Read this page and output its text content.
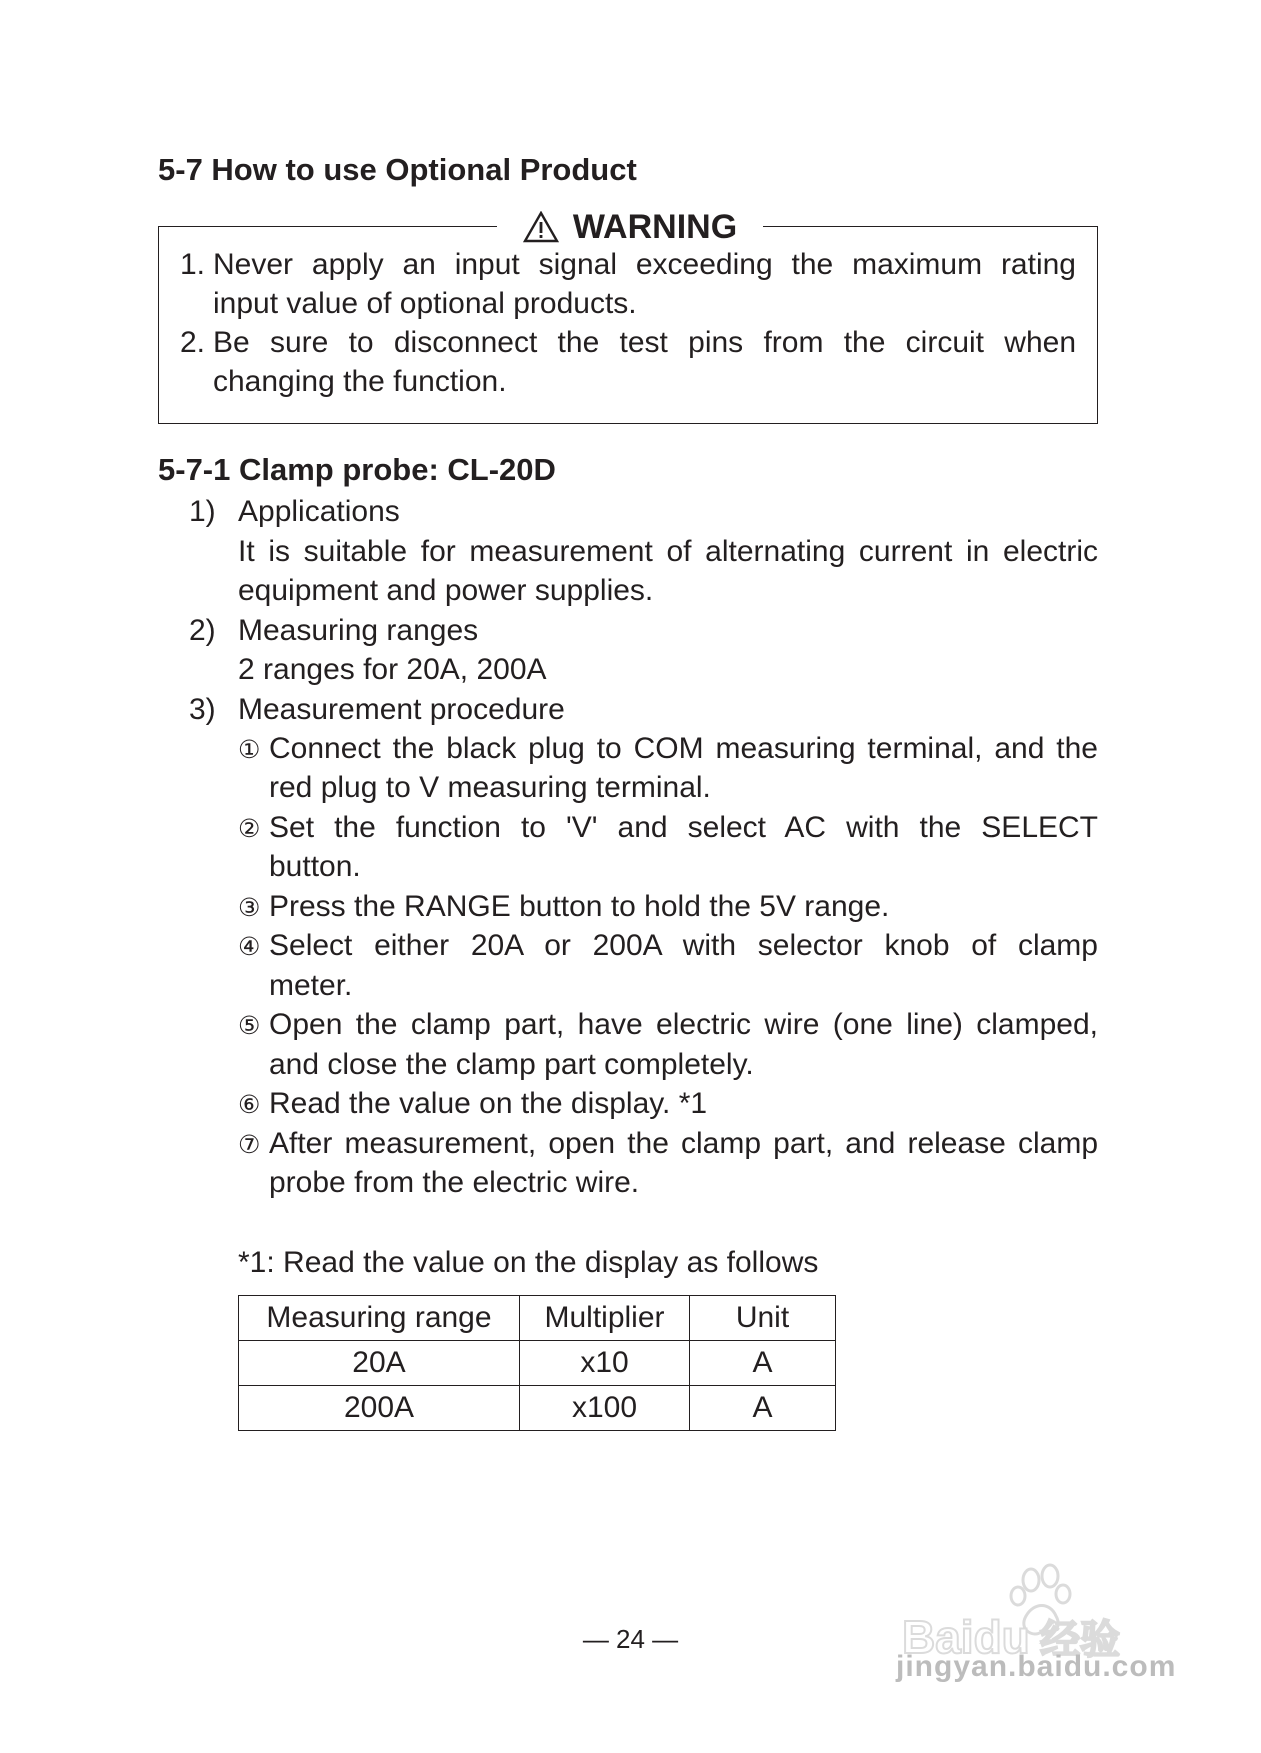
5-7 How to use Optional Product
WARNING
1. Never apply an input signal exceeding the maximum rating
input value of optional products.
2. Be sure to disconnect the test pins from the circuit when
changing the function.
5-7-1 Clamp probe: CL-20D
1) Applications
It is suitable for measurement of alternating current in electric
equipment and power supplies.
2) Measuring ranges
2 ranges for 20A, 200A
3) Measurement procedure
① Connect the black plug to COM measuring terminal, and the
red plug to V measuring terminal.
② Set the function to 'V' and select AC with the SELECT
button.
③ Press the RANGE button to hold the 5V range.
④ Select either 20A or 200A with selector knob of clamp
meter.
⑤ Open the clamp part, have electric wire (one line) clamped,
and close the clamp part completely.
⑥ Read the value on the display. *1
⑦ After measurement, open the clamp part, and release clamp
probe from the electric wire.
*1: Read the value on the display as follows
Measuring range	Multiplier	Unit
20A	x10	A
200A	x100	A
— 24 —	Baidu 经验
jingyan.baidu.com
